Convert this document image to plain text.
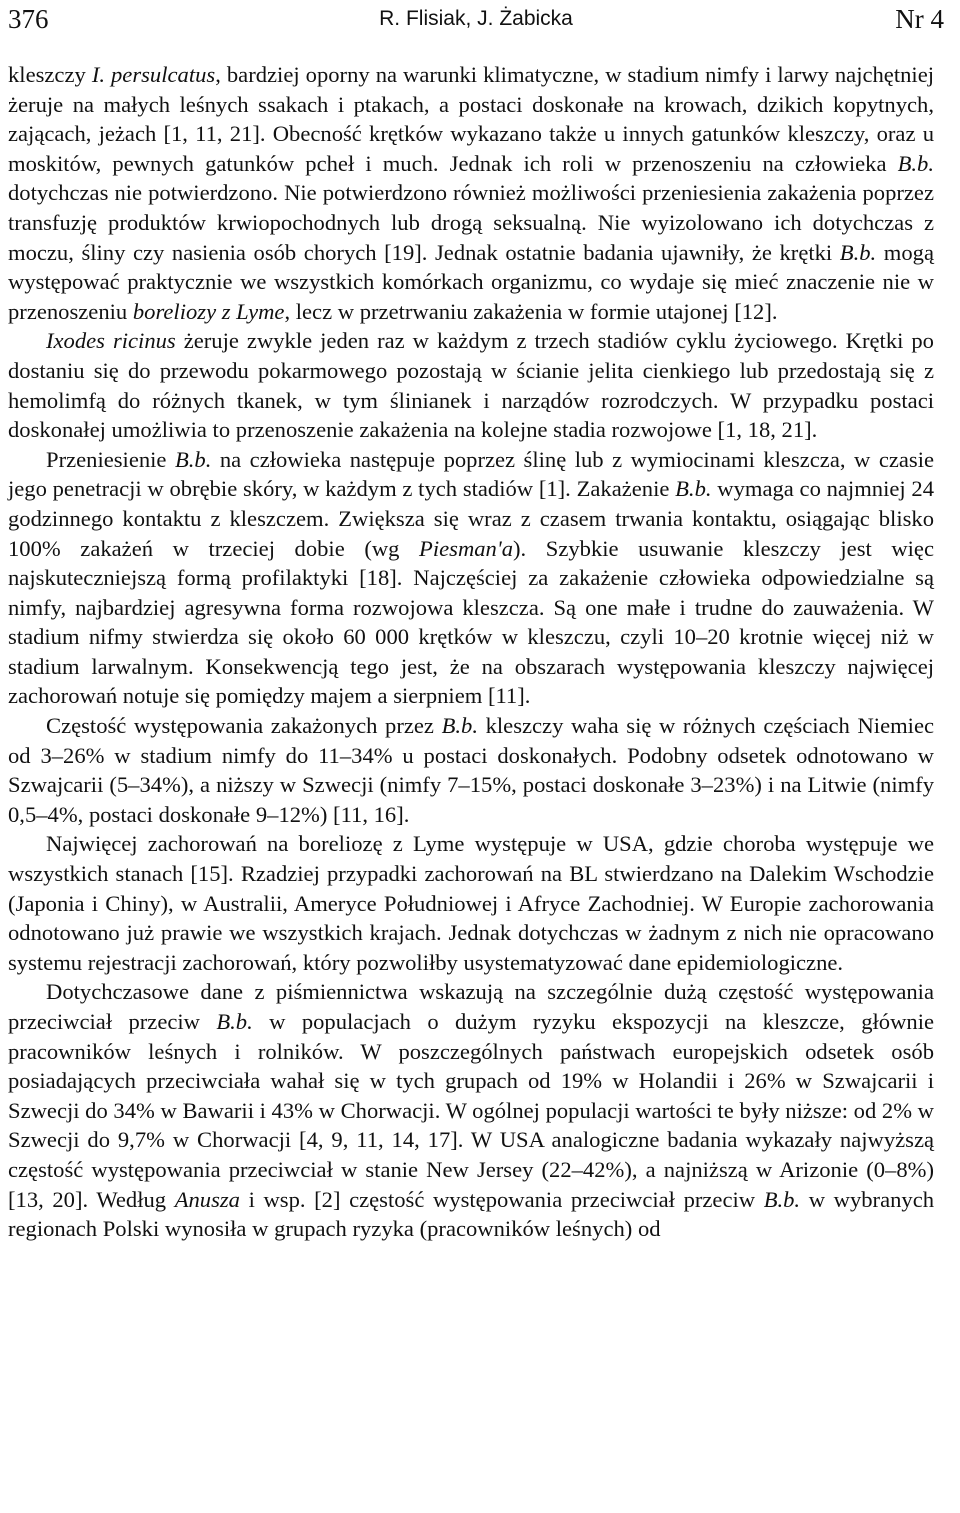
376	R. Flisiak, J. Żabicka	Nr 4

kleszczy I. persulcatus, bardziej oporny na warunki klimatyczne, w stadium nimfy i larwy najchętniej żeruje na małych leśnych ssakach i ptakach, a postaci doskonałe na krowach, dzikich kopytnych, zającach, jeżach [1, 11, 21]. Obecność krętków wykazano także u innych gatunków kleszczy, oraz u moskitów, pewnych gatunków pcheł i much. Jednak ich roli w przenoszeniu na człowieka B.b. dotychczas nie potwierdzono. Nie potwierdzono również możliwości przeniesienia zakażenia poprzez transfuzję produktów krwiopochodnych lub drogą seksualną. Nie wyizolowano ich dotychczas z moczu, śliny czy nasienia osób chorych [19]. Jednak ostatnie badania ujawniły, że krętki B.b. mogą występować praktycznie we wszystkich komórkach organizmu, co wydaje się mieć znaczenie nie w przenoszeniu boreliozy z Lyme, lecz w przetrwaniu zakażenia w formie utajonej [12].

Ixodes ricinus żeruje zwykle jeden raz w każdym z trzech stadiów cyklu życiowego. Krętki po dostaniu się do przewodu pokarmowego pozostają w ścianie jelita cienkiego lub przedostają się z hemolimfą do różnych tkanek, w tym ślinianek i narządów rozrodczych. W przypadku postaci doskonałej umożliwia to przenoszenie zakażenia na kolejne stadia rozwojowe [1, 18, 21].

Przeniesienie B.b. na człowieka następuje poprzez ślinę lub z wymiocinami kleszcza, w czasie jego penetracji w obrębie skóry, w każdym z tych stadiów [1]. Zakażenie B.b. wymaga co najmniej 24 godzinnego kontaktu z kleszczem. Zwiększa się wraz z czasem trwania kontaktu, osiągając blisko 100% zakażeń w trzeciej dobie (wg Piesman'a). Szybkie usuwanie kleszczy jest więc najskuteczniejszą formą profilaktyki [18]. Najczęściej za zakażenie człowieka odpowiedzialne są nimfy, najbardziej agresywna forma rozwojowa kleszcza. Są one małe i trudne do zauważenia. W stadium nifmy stwierdza się około 60 000 krętków w kleszczu, czyli 10–20 krotnie więcej niż w stadium larwalnym. Konsekwencją tego jest, że na obszarach występowania kleszczy najwięcej zachorowań notuje się pomiędzy majem a sierpniem [11].

Częstość występowania zakażonych przez B.b. kleszczy waha się w różnych częściach Niemiec od 3–26% w stadium nimfy do 11–34% u postaci doskonałych. Podobny odsetek odnotowano w Szwajcarii (5–34%), a niższy w Szwecji (nimfy 7–15%, postaci doskonałe 3–23%) i na Litwie (nimfy 0,5–4%, postaci doskonałe 9–12%) [11, 16].

Najwięcej zachorowań na boreliozę z Lyme występuje w USA, gdzie choroba występuje we wszystkich stanach [15]. Rzadziej przypadki zachorowań na BL stwierdzano na Dalekim Wschodzie (Japonia i Chiny), w Australii, Ameryce Południowej i Afryce Zachodniej. W Europie zachorowania odnotowano już prawie we wszystkich krajach. Jednak dotychczas w żadnym z nich nie opracowano systemu rejestracji zachorowań, który pozwoliłby usystematyzować dane epidemiologiczne.

Dotychczasowe dane z piśmiennictwa wskazują na szczególnie dużą częstość występowania przeciwciał przeciw B.b. w populacjach o dużym ryzyku ekspozycji na kleszcze, głównie pracowników leśnych i rolników. W poszczególnych państwach europejskich odsetek osób posiadających przeciwciała wahał się w tych grupach od 19% w Holandii i 26% w Szwajcarii i Szwecji do 34% w Bawarii i 43% w Chorwacji. W ogólnej populacji wartości te były niższe: od 2% w Szwecji do 9,7% w Chorwacji [4, 9, 11, 14, 17]. W USA analogiczne badania wykazały najwyższą częstość występowania przeciwciał w stanie New Jersey (22–42%), a najniższą w Arizonie (0–8%) [13, 20]. Według Anusza i wsp. [2] częstość występowania przeciwciał przeciw B.b. w wybranych regionach Polski wynosiła w grupach ryzyka (pracowników leśnych) od
